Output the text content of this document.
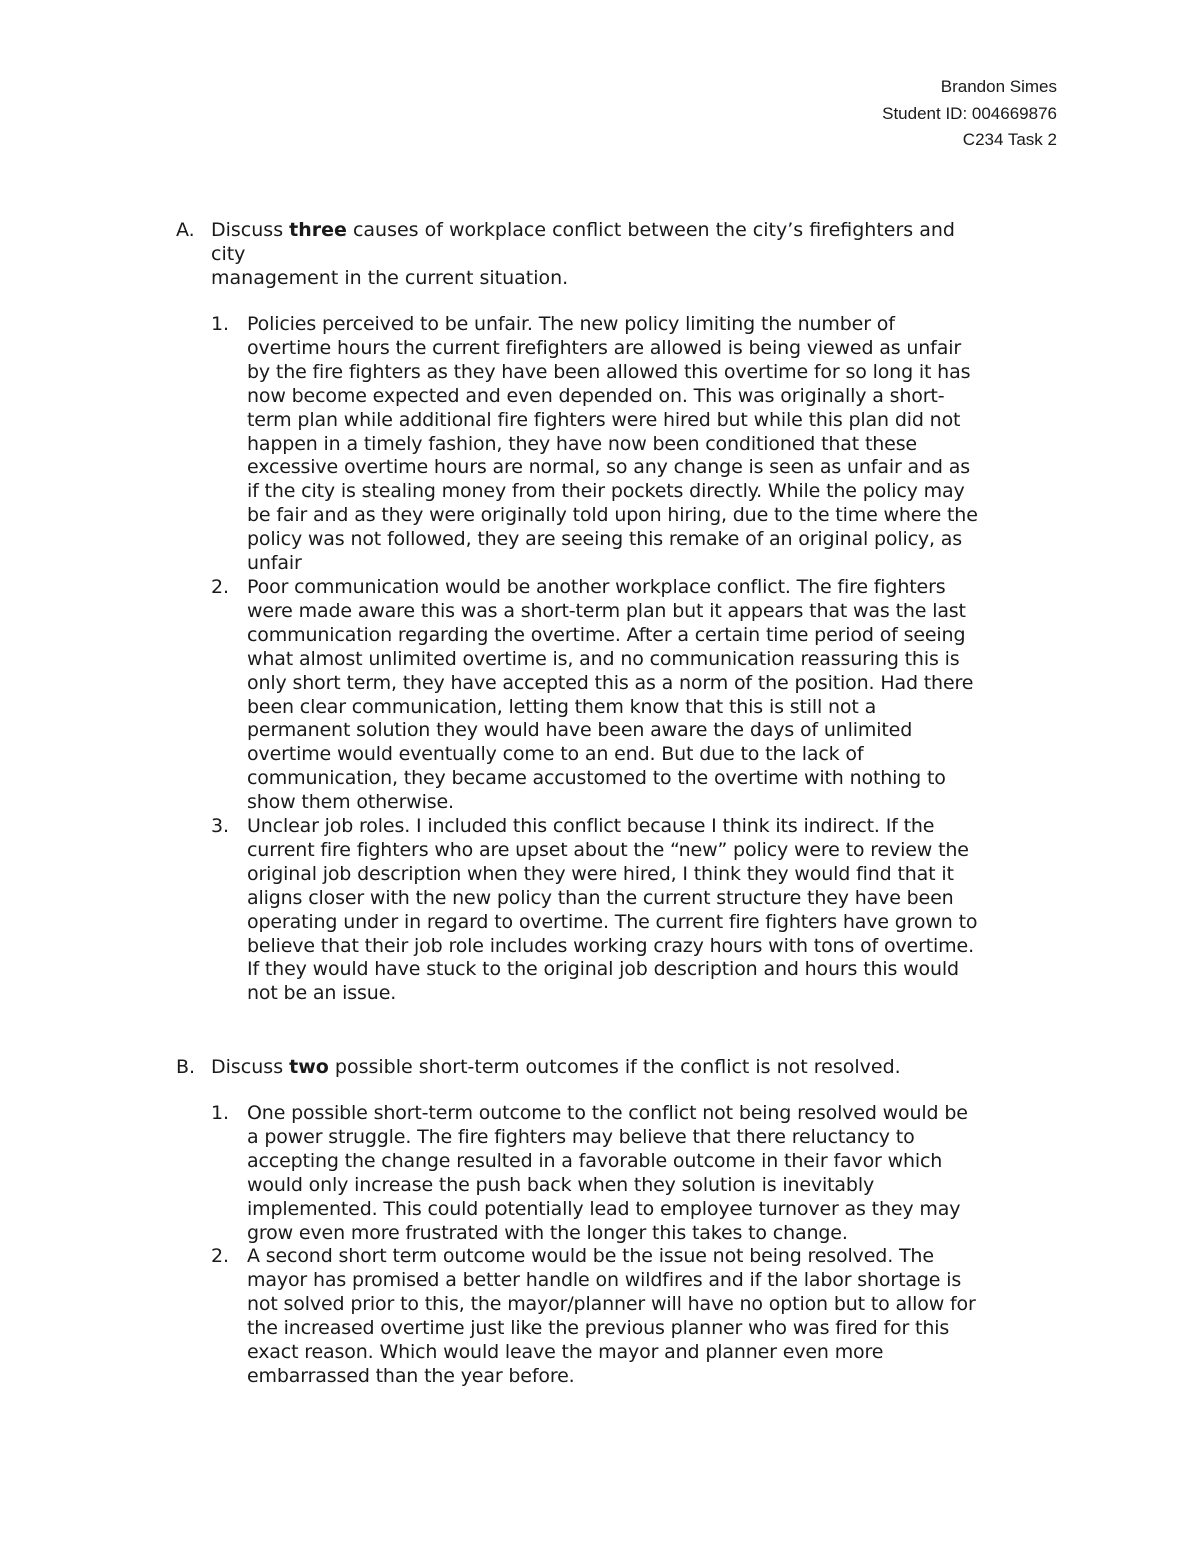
Brandon Simes
Student ID: 004669876
C234 Task 2
A. Discuss three causes of workplace conflict between the city’s firefighters and
city
management in the current situation.
1. Policies perceived to be unfair. The new policy limiting the number of
overtime hours the current firefighters are allowed is being viewed as unfair
by the fire fighters as they have been allowed this overtime for so long it has
now become expected and even depended on. This was originally a short-
term plan while additional fire fighters were hired but while this plan did not
happen in a timely fashion, they have now been conditioned that these
excessive overtime hours are normal, so any change is seen as unfair and as
if the city is stealing money from their pockets directly. While the policy may
be fair and as they were originally told upon hiring, due to the time where the
policy was not followed, they are seeing this remake of an original policy, as
unfair
2. Poor communication would be another workplace conflict. The fire fighters
were made aware this was a short-term plan but it appears that was the last
communication regarding the overtime. After a certain time period of seeing
what almost unlimited overtime is, and no communication reassuring this is
only short term, they have accepted this as a norm of the position. Had there
been clear communication, letting them know that this is still not a
permanent solution they would have been aware the days of unlimited
overtime would eventually come to an end. But due to the lack of
communication, they became accustomed to the overtime with nothing to
show them otherwise.
3. Unclear job roles. I included this conflict because I think its indirect. If the
current fire fighters who are upset about the “new” policy were to review the
original job description when they were hired, I think they would find that it
aligns closer with the new policy than the current structure they have been
operating under in regard to overtime. The current fire fighters have grown to
believe that their job role includes working crazy hours with tons of overtime.
If they would have stuck to the original job description and hours this would
not be an issue.
B. Discuss two possible short-term outcomes if the conflict is not resolved.
1. One possible short-term outcome to the conflict not being resolved would be
a power struggle. The fire fighters may believe that there reluctancy to
accepting the change resulted in a favorable outcome in their favor which
would only increase the push back when they solution is inevitably
implemented. This could potentially lead to employee turnover as they may
grow even more frustrated with the longer this takes to change.
2. A second short term outcome would be the issue not being resolved. The
mayor has promised a better handle on wildfires and if the labor shortage is
not solved prior to this, the mayor/planner will have no option but to allow for
the increased overtime just like the previous planner who was fired for this
exact reason. Which would leave the mayor and planner even more
embarrassed than the year before.
